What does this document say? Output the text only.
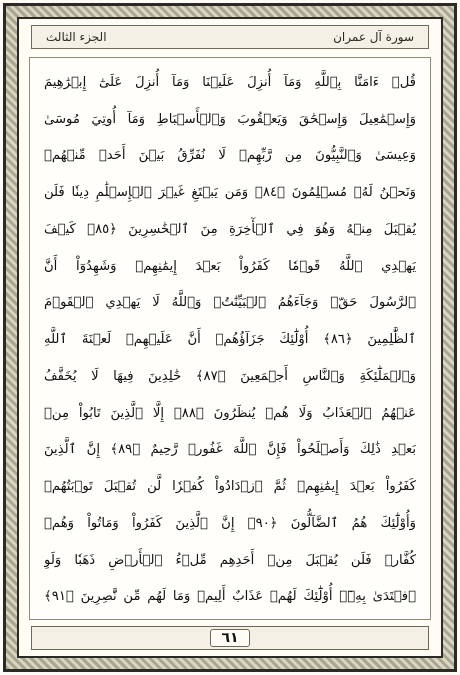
الجزء الثالث	سورة آل عمران
قُلۡ ءَامَنَّا بِٱللَّهِ وَمَآ أُنزِلَ عَلَيۡنَا وَمَآ أُنزِلَ عَلَىٰٓ إِبۡرَٰهِيمَ
وَإِسۡمَٰعِيلَ وَإِسۡحَٰقَ وَيَعۡقُوبَ وَٱلۡأَسۡبَاطِ وَمَآ أُوتِيَ مُوسَىٰ
وَعِيسَىٰ وَٱلنَّبِيُّونَ مِن رَّبِّهِمۡ لَا نُفَرِّقُ بَيۡنَ أَحَدٖ مِّنۡهُمۡ
وَنَحۡنُ لَهُۥ مُسۡلِمُونَ ﴿٨٤﴾ وَمَن يَبۡتَغِ غَيۡرَ ٱلۡإِسۡلَٰمِ دِينٗا فَلَن
يُقۡبَلَ مِنۡهُ وَهُوَ فِي ٱلۡأٓخِرَةِ مِنَ ٱلۡخَٰسِرِينَ ﴿٨٥﴾ كَيۡفَ
يَهۡدِي ٱللَّهُ قَوۡمٗا كَفَرُواْ بَعۡدَ إِيمَٰنِهِمۡ وَشَهِدُوٓاْ أَنَّ
ٱلرَّسُولَ حَقّٞ وَجَآءَهُمُ ٱلۡبَيِّنَٰتُۚ وَٱللَّهُ لَا يَهۡدِي ٱلۡقَوۡمَ
ٱلظَّٰلِمِينَ ﴿٨٦﴾ أُوْلَٰٓئِكَ جَزَآؤُهُمۡ أَنَّ عَلَيۡهِمۡ لَعۡنَةَ ٱللَّهِ
وَٱلۡمَلَٰٓئِكَةِ وَٱلنَّاسِ أَجۡمَعِينَ ﴿٨٧﴾ خَٰلِدِينَ فِيهَا لَا يُخَفَّفُ
عَنۡهُمُ ٱلۡعَذَابُ وَلَا هُمۡ يُنظَرُونَ ﴿٨٨﴾ إِلَّا ٱلَّذِينَ تَابُواْ مِنۢ
بَعۡدِ ذَٰلِكَ وَأَصۡلَحُواْ فَإِنَّ ٱللَّهَ غَفُورٞ رَّحِيمٌ ﴿٨٩﴾ إِنَّ ٱلَّذِينَ
كَفَرُواْ بَعۡدَ إِيمَٰنِهِمۡ ثُمَّ ٱزۡدَادُواْ كُفۡرٗا لَّن تُقۡبَلَ تَوۡبَتُهُمۡ
وَأُوْلَٰٓئِكَ هُمُ ٱلضَّآلُّونَ ﴿٩٠﴾ إِنَّ ٱلَّذِينَ كَفَرُواْ وَمَاتُواْ وَهُمۡ
كُفَّارٞ فَلَن يُقۡبَلَ مِنۡ أَحَدِهِم مِّلۡءُ ٱلۡأَرۡضِ ذَهَبٗا وَلَوِ
ٱفۡتَدَىٰ بِهِۦٓۗ أُوْلَٰٓئِكَ لَهُمۡ عَذَابٌ أَلِيمٞ وَمَا لَهُم مِّن نَّٰصِرِينَ ﴿٩١﴾
٦١
